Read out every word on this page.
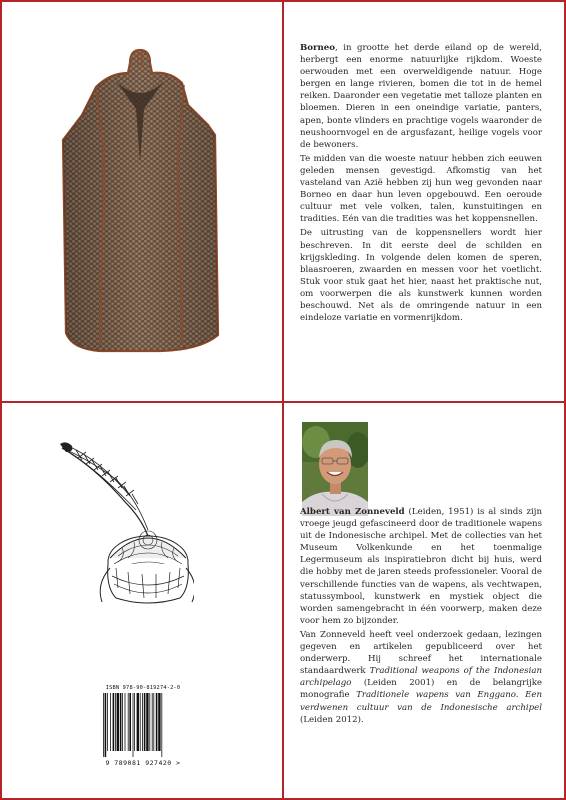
Borneo, in grootte het derde eiland op de wereld, herbergt een enorme natuurlijke rijkdom. Woeste oerwouden met een overweldigende natuur. Hoge bergen en lange rivieren, bomen die tot in de hemel reiken. Daaronder een vegetatie met talloze planten en bloemen. Dieren in een oneindige variatie, panters, apen, bonte vlinders en prachtige vogels waaronder de neushoornvogel en de argusfazant, heilige vogels voor de bewoners.

Te midden van die woeste natuur hebben zich eeuwen geleden mensen gevestigd. Afkomstig van het vasteland van Azië hebben zij hun weg gevonden naar Borneo en daar hun leven opgebouwd. Een oeroude cultuur met vele volken, talen, kunstuitingen en tradities. Eén van die tradities was het koppensnellen.

De uitrusting van de koppensnellers wordt hier beschreven. In dit eerste deel de schilden en krijgskleding. In volgende delen komen de speren, blaasroeren, zwaarden en messen voor het voetlicht. Stuk voor stuk gaat het hier, naast het praktische nut, om voorwerpen die als kunstwerk kunnen worden beschouwd. Net als de omringende natuur in een eindeloze variatie en vormenrijkdom.

Albert van Zonneveld (Leiden, 1951) is al sinds zijn vroege jeugd gefascineerd door de traditionele wapens uit de Indonesische archipel. Met de collecties van het Museum Volkenkunde en het toenmalige Legermuseum als inspiratiebron dicht bij huis, werd die hobby met de jaren steeds professioneler. Vooral de verschillende functies van de wapens, als vechtwapen, statussymbool, kunstwerk en mystiek object die worden samengebracht in één voorwerp, maken deze voor hem zo bijzonder.

Van Zonneveld heeft veel onderzoek gedaan, lezingen gegeven en artikelen gepubliceerd over het onderwerp. Hij schreef het internationale standaardwerk Traditional weapons of the Indonesian archipelago (Leiden 2001) en de belangrijke monografie Traditionele wapens van Enggano. Een verdwenen cultuur van de Indonesische archipel (Leiden 2012).

ISBN 978-90-819274-2-0
9 789081 927420 >
